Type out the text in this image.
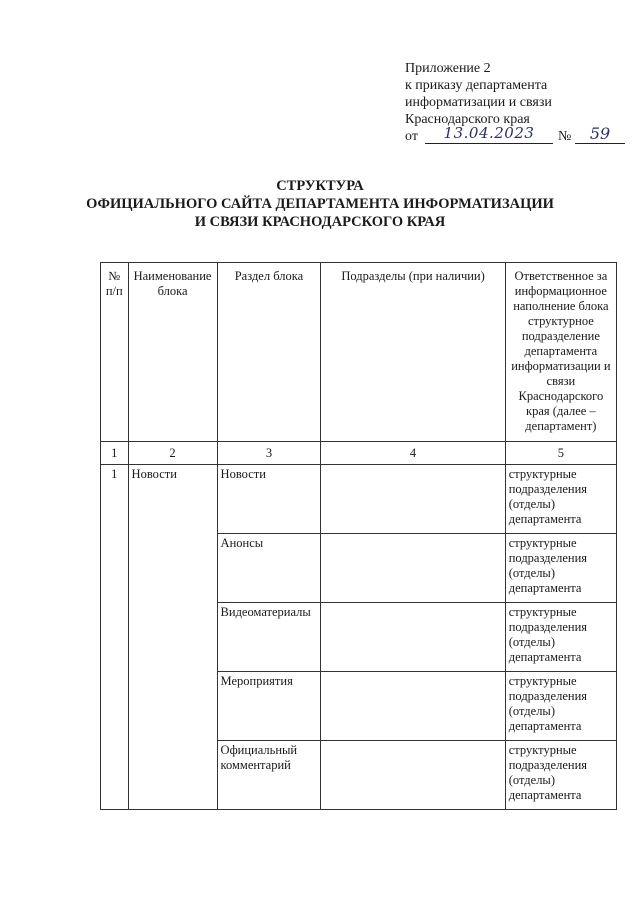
Приложение 2
к приказу департамента
информатизации и связи
Краснодарского края
от	13.04.2023	№	59
СТРУКТУРА
ОФИЦИАЛЬНОГО САЙТА ДЕПАРТАМЕНТА ИНФОРМАТИЗАЦИИ
И СВЯЗИ КРАСНОДАРСКОГО КРАЯ
№ п/п	Наименование блока	Раздел блока	Подразделы (при наличии)	Ответственное за информационное наполнение блока структурное подразделение департамента информатизации и связи Краснодарского края (далее – департамент)
1	2	3	4	5
1	Новости	Новости		структурные подразделения (отделы) департамента
		Анонсы		структурные подразделения (отделы) департамента
		Видеоматериалы		структурные подразделения (отделы) департамента
		Мероприятия		структурные подразделения (отделы) департамента
		Официальный комментарий		структурные подразделения (отделы) департамента
